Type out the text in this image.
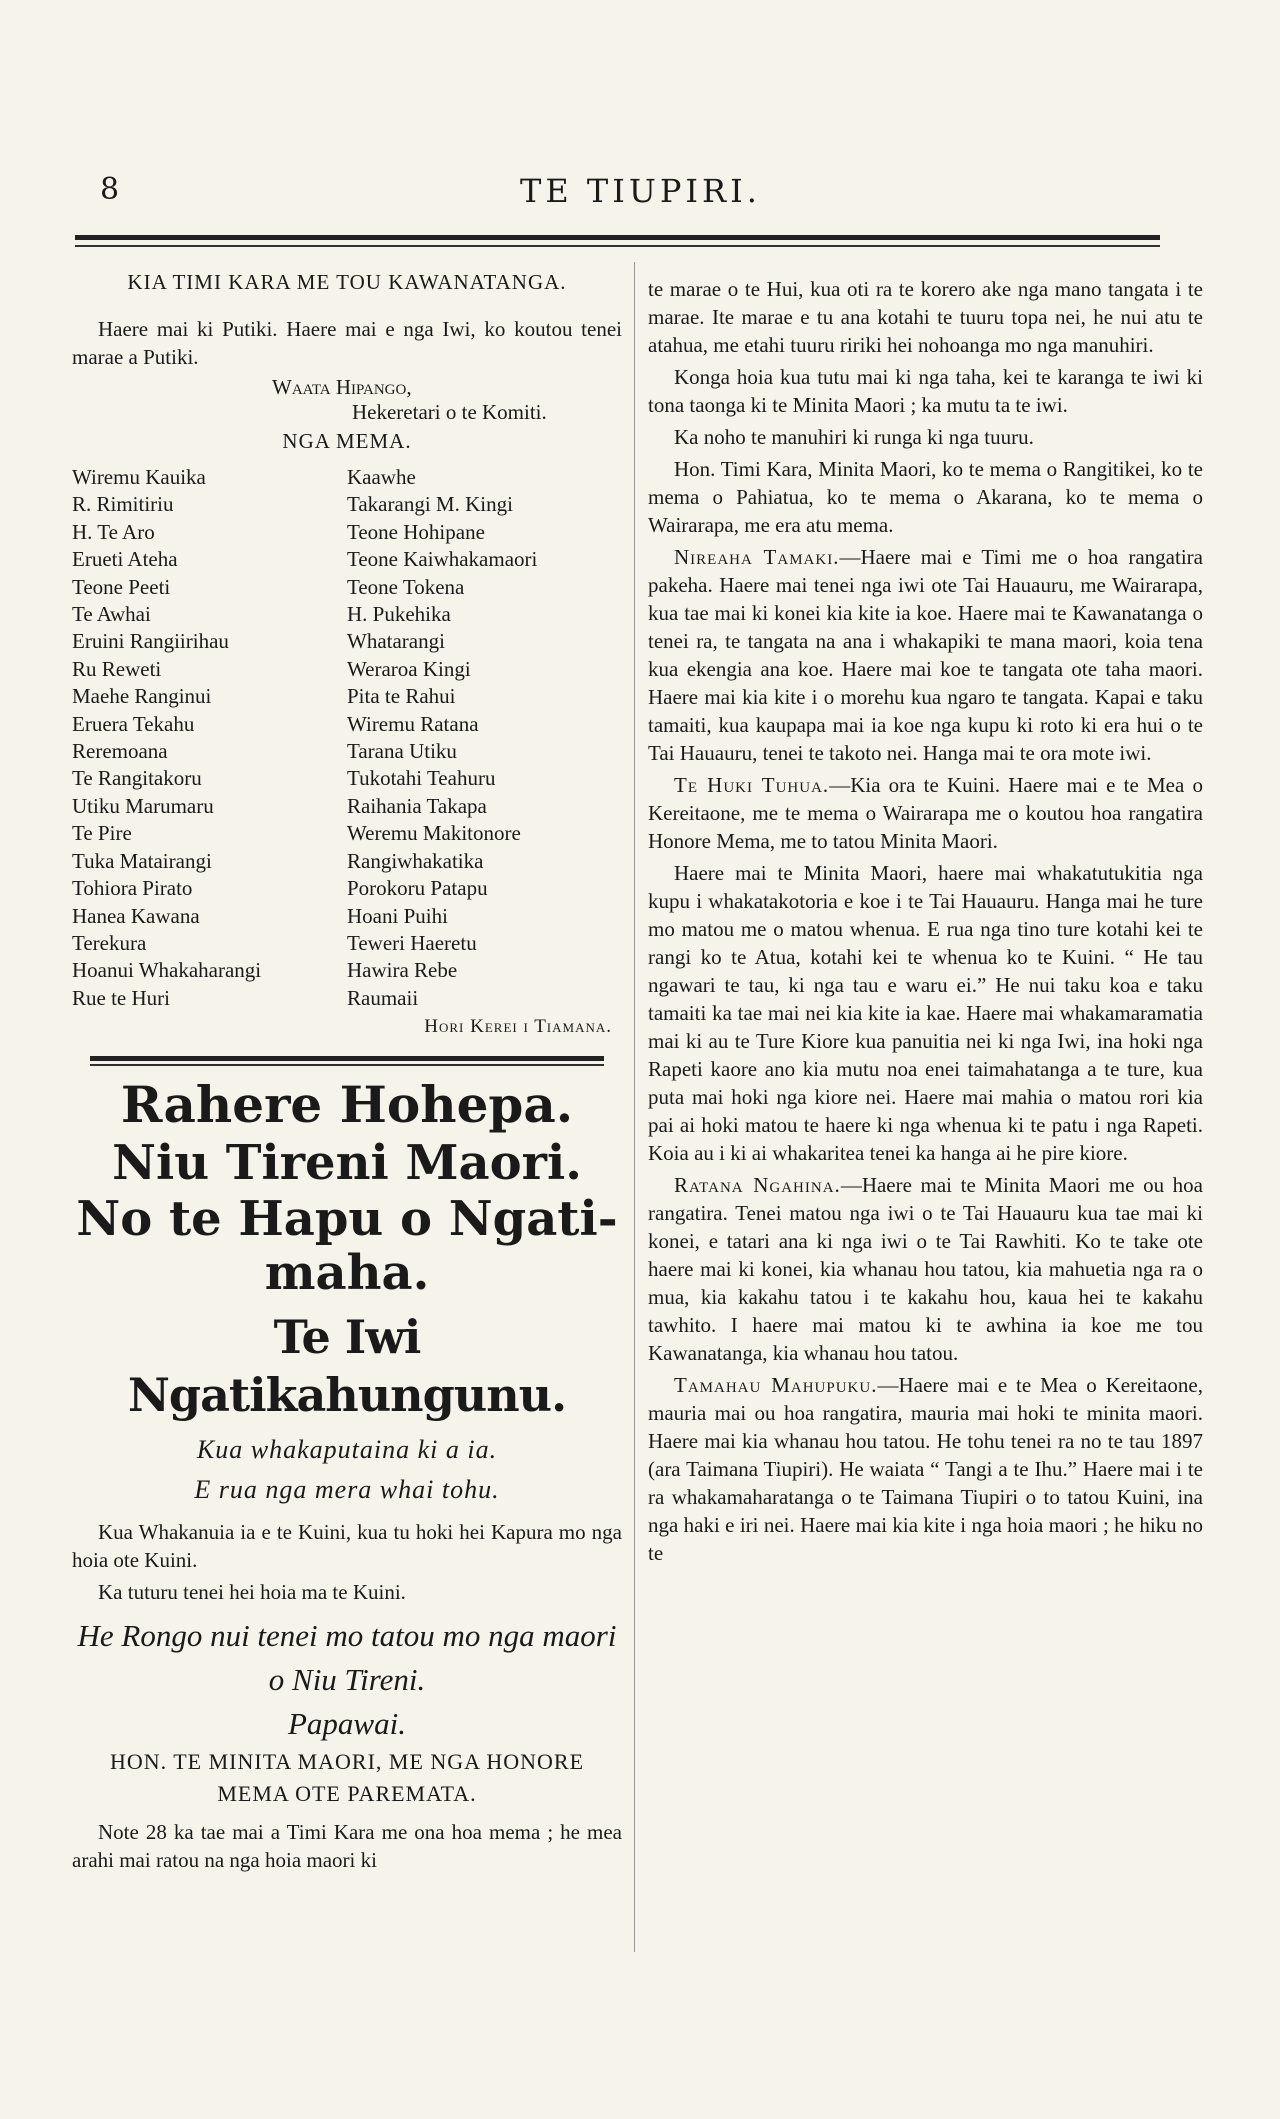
8	TE TIUPIRI.

KIA TIMI KARA ME TOU KAWANATANGA.

Haere mai ki Putiki. Haere mai e nga Iwi, ko koutou tenei marae a Putiki.

Waata Hipango,

Hekeretari o te Komiti.

NGA MEMA.

Wiremu Kauika
R. Rimitiriu
H. Te Aro
Erueti Ateha
Teone Peeti
Te Awhai
Eruini Rangiirihau
Ru Reweti
Maehe Ranginui
Eruera Tekahu
Reremoana
Te Rangitakoru
Utiku Marumaru
Te Pire
Tuka Matairangi
Tohiora Pirato
Hanea Kawana
Terekura
Hoanui Whakaharangi
Rue te Huri
Kaawhe
Takarangi M. Kingi
Teone Hohipane
Teone Kaiwhakamaori
Teone Tokena
H. Pukehika
Whatarangi
Weraroa Kingi
Pita te Rahui
Wiremu Ratana
Tarana Utiku
Tukotahi Teahuru
Raihania Takapa
Weremu Makitonore
Rangiwhakatika
Porokoru Patapu
Hoani Puihi
Teweri Haeretu
Hawira Rebe
Raumaii

Hori Kerei i Tiamana.

Rahere Hohepa.

Niu Tireni Maori.

No te Hapu o Ngati-maha.

Te Iwi Ngatikahungunu.

Kua whakaputaina ki a ia.

E rua nga mera whai tohu.

Kua Whakanuia ia e te Kuini, kua tu hoki hei Kapura mo nga hoia ote Kuini.

Ka tuturu tenei hei hoia ma te Kuini.

He Rongo nui tenei mo tatou mo nga maori o Niu Tireni.

Papawai.

HON. TE MINITA MAORI, ME NGA HONORE MEMA OTE PAREMATA.

Note 28 ka tae mai a Timi Kara me ona hoa mema ; he mea arahi mai ratou na nga hoia maori ki

te marae o te Hui, kua oti ra te korero ake nga mano tangata i te marae. Ite marae e tu ana kotahi te tuuru topa nei, he nui atu te atahua, me etahi tuuru ririki hei nohoanga mo nga manuhiri.

Konga hoia kua tutu mai ki nga taha, kei te karanga te iwi ki tona taonga ki te Minita Maori ; ka mutu ta te iwi.

Ka noho te manuhiri ki runga ki nga tuuru.

Hon. Timi Kara, Minita Maori, ko te mema o Rangitikei, ko te mema o Pahiatua, ko te mema o Akarana, ko te mema o Wairarapa, me era atu mema.

Nireaha Tamaki.—Haere mai e Timi me o hoa rangatira pakeha. Haere mai tenei nga iwi ote Tai Hauauru, me Wairarapa, kua tae mai ki konei kia kite ia koe. Haere mai te Kawanatanga o tenei ra, te tangata na ana i whakapiki te mana maori, koia tena kua ekengia ana koe. Haere mai koe te tangata ote taha maori. Haere mai kia kite i o morehu kua ngaro te tangata. Kapai e taku tamaiti, kua kaupapa mai ia koe nga kupu ki roto ki era hui o te Tai Hauauru, tenei te takoto nei. Hanga mai te ora mote iwi.

Te Huki Tuhua.—Kia ora te Kuini. Haere mai e te Mea o Kereitaone, me te mema o Wairarapa me o koutou hoa rangatira Honore Mema, me to tatou Minita Maori.

Haere mai te Minita Maori, haere mai whakatutukitia nga kupu i whakatakotoria e koe i te Tai Hauauru. Hanga mai he ture mo matou me o matou whenua. E rua nga tino ture kotahi kei te rangi ko te Atua, kotahi kei te whenua ko te Kuini. “ He tau ngawari te tau, ki nga tau e waru ei.” He nui taku koa e taku tamaiti ka tae mai nei kia kite ia kae. Haere mai whakamaramatia mai ki au te Ture Kiore kua panuitia nei ki nga Iwi, ina hoki nga Rapeti kaore ano kia mutu noa enei taimahatanga a te ture, kua puta mai hoki nga kiore nei. Haere mai mahia o matou rori kia pai ai hoki matou te haere ki nga whenua ki te patu i nga Rapeti. Koia au i ki ai whakaritea tenei ka hanga ai he pire kiore.

Ratana Ngahina.—Haere mai te Minita Maori me ou hoa rangatira. Tenei matou nga iwi o te Tai Hauauru kua tae mai ki konei, e tatari ana ki nga iwi o te Tai Rawhiti. Ko te take ote haere mai ki konei, kia whanau hou tatou, kia mahuetia nga ra o mua, kia kakahu tatou i te kakahu hou, kaua hei te kakahu tawhito. I haere mai matou ki te awhina ia koe me tou Kawanatanga, kia whanau hou tatou.

Tamahau Mahupuku.—Haere mai e te Mea o Kereitaone, mauria mai ou hoa rangatira, mauria mai hoki te minita maori. Haere mai kia whanau hou tatou. He tohu tenei ra no te tau 1897 (ara Taimana Tiupiri). He waiata “ Tangi a te Ihu.” Haere mai i te ra whakamaharatanga o te Taimana Tiupiri o to tatou Kuini, ina nga haki e iri nei. Haere mai kia kite i nga hoia maori ; he hiku no te
